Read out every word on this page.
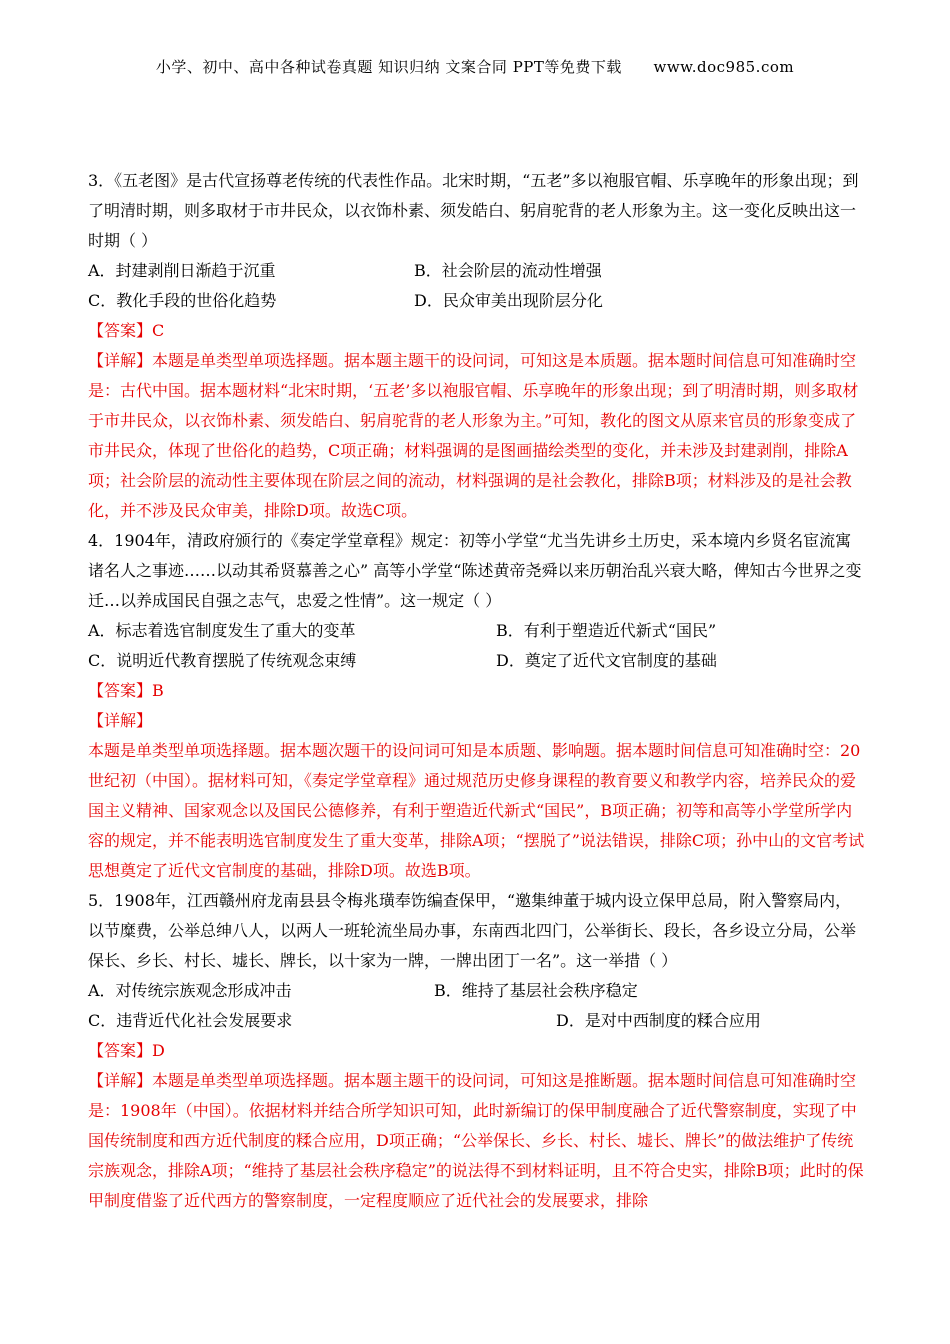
小学、初中、高中各种试卷真题 知识归纳 文案合同 PPT等免费下载 www.doc985.com

3．《五老图》是古代宣扬尊老传统的代表性作品。北宋时期，“五老”多以袍服官帽、乐享晚年的形象出现；到了明清时期，则多取材于市井民众，以衣饰朴素、须发皓白、躬肩驼背的老人形象为主。这一变化反映出这一时期（ ）

A．封建剥削日渐趋于沉重	B．社会阶层的流动性增强
C．教化手段的世俗化趋势	D．民众审美出现阶层分化

【答案】C

【详解】本题是单类型单项选择题。据本题主题干的设问词，可知这是本质题。据本题时间信息可知准确时空是：古代中国。据本题材料“北宋时期，‘五老’多以袍服官帽、乐享晚年的形象出现；到了明清时期，则多取材于市井民众，以衣饰朴素、须发皓白、躬肩驼背的老人形象为主。”可知，教化的图文从原来官员的形象变成了市井民众，体现了世俗化的趋势，C项正确；材料强调的是图画描绘类型的变化，并未涉及封建剥削，排除A项；社会阶层的流动性主要体现在阶层之间的流动，材料强调的是社会教化，排除B项；材料涉及的是社会教化，并不涉及民众审美，排除D项。故选C项。

4．1904年，清政府颁行的《奏定学堂章程》规定：初等小学堂“尤当先讲乡土历史，采本境内乡贤名宦流寓诸名人之事迹……以动其希贤慕善之心” 高等小学堂“陈述黄帝尧舜以来历朝治乱兴衰大略，俾知古今世界之变迁…以养成国民自强之志气，忠爱之性情”。这一规定（ ）

A．标志着选官制度发生了重大的变革	B．有利于塑造近代新式“国民”
C．说明近代教育摆脱了传统观念束缚	D．奠定了近代文官制度的基础

【答案】B

【详解】

本题是单类型单项选择题。据本题次题干的设问词可知是本质题、影响题。据本题时间信息可知准确时空：20世纪初（中国）。据材料可知，《奏定学堂章程》通过规范历史修身课程的教育要义和教学内容，培养民众的爱国主义精神、国家观念以及国民公德修养，有利于塑造近代新式“国民”，B项正确；初等和高等小学堂所学内容的规定，并不能表明选官制度发生了重大变革，排除A项；“摆脱了”说法错误，排除C项；孙中山的文官考试思想奠定了近代文官制度的基础，排除D项。故选B项。

5．1908年，江西赣州府龙南县县令梅兆璜奉饬编查保甲，“邀集绅董于城内设立保甲总局，附入警察局内，以节糜费，公举总绅八人，以两人一班轮流坐局办事，东南西北四门，公举街长、段长，各乡设立分局，公举保长、乡长、村长、墟长、牌长，以十家为一牌，一牌出团丁一名”。这一举措（ ）

A．对传统宗族观念形成冲击	B．维持了基层社会秩序稳定
C．违背近代化社会发展要求	D．是对中西制度的糅合应用

【答案】D

【详解】本题是单类型单项选择题。据本题主题干的设问词，可知这是推断题。据本题时间信息可知准确时空是：1908年（中国）。依据材料并结合所学知识可知，此时新编订的保甲制度融合了近代警察制度，实现了中国传统制度和西方近代制度的糅合应用，D项正确；“公举保长、乡长、村长、墟长、牌长”的做法维护了传统宗族观念，排除A项；“维持了基层社会秩序稳定”的说法得不到材料证明，且不符合史实，排除B项；此时的保甲制度借鉴了近代西方的警察制度，一定程度顺应了近代社会的发展要求，排除
